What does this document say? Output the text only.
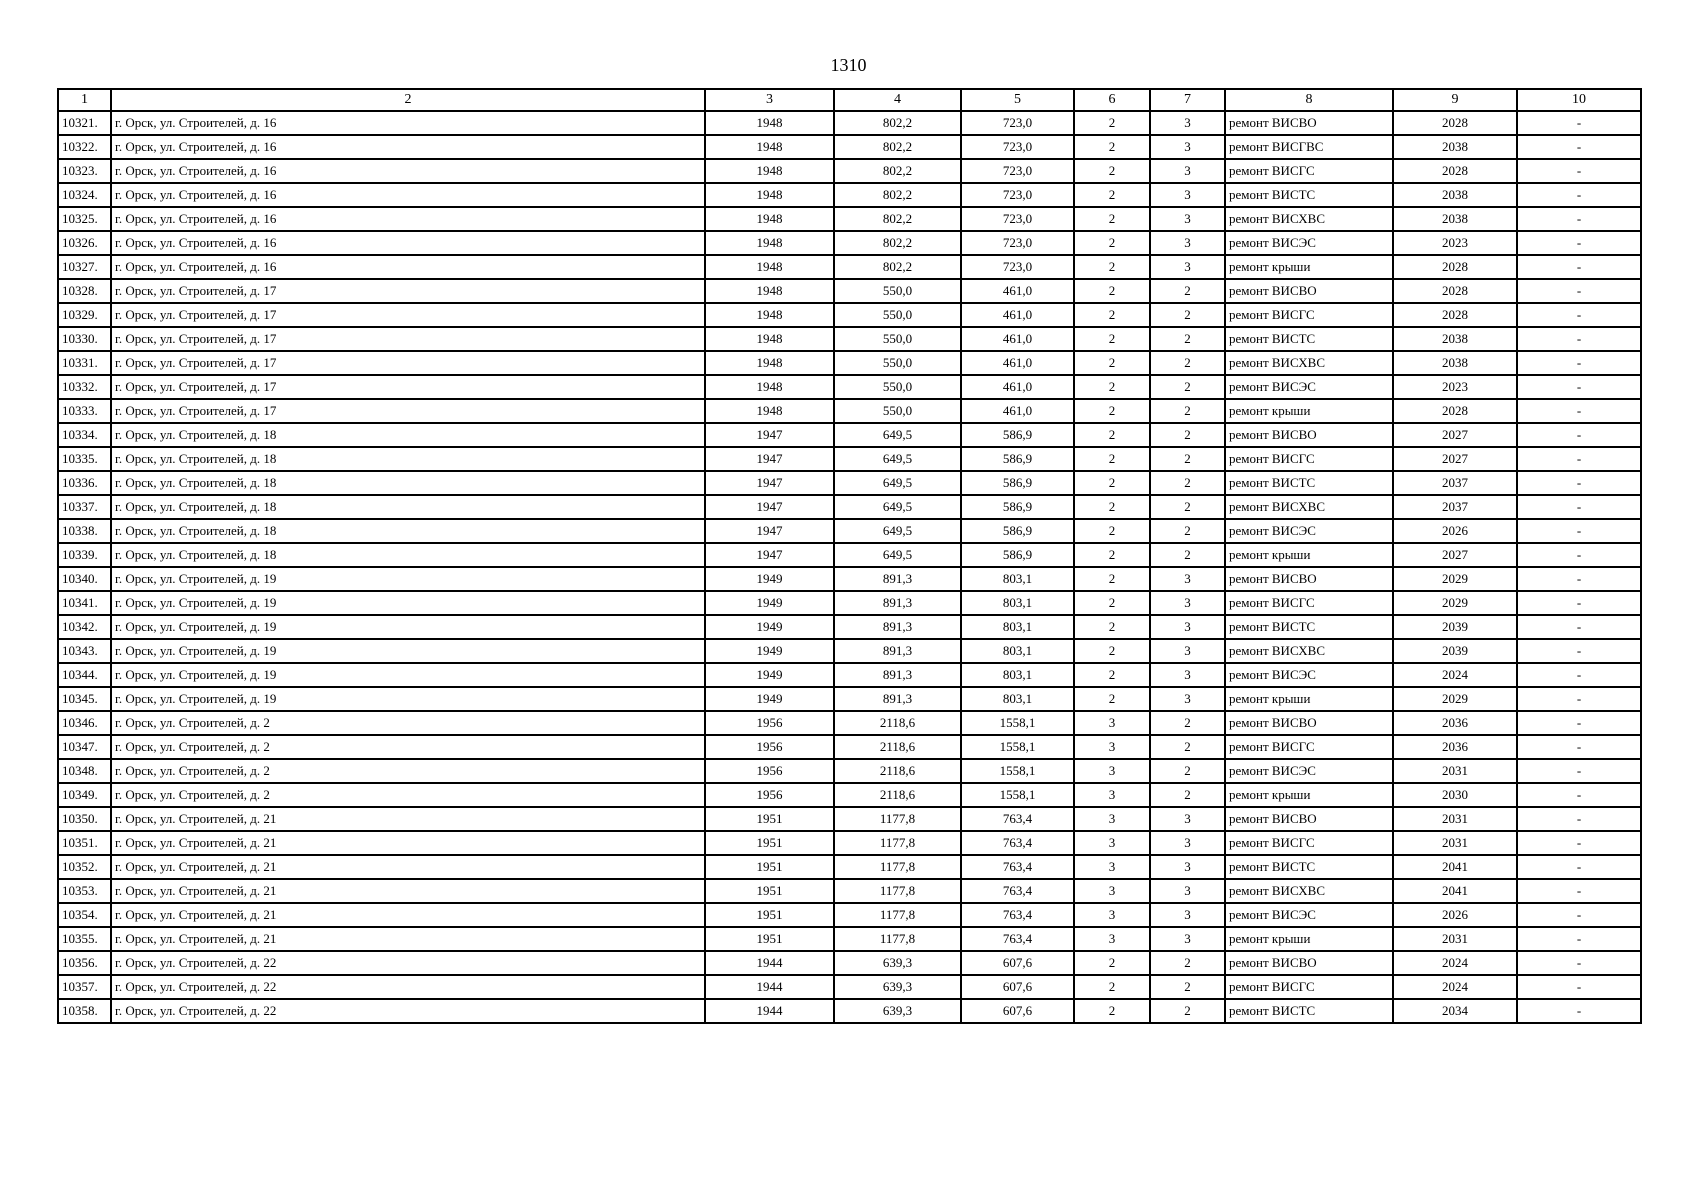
1310
1	2	3	4	5	6	7	8	9	10
10321.	г. Орск, ул. Строителей, д. 16	1948	802,2	723,0	2	3	ремонт ВИСВО	2028	-
10322.	г. Орск, ул. Строителей, д. 16	1948	802,2	723,0	2	3	ремонт ВИСГВС	2038	-
10323.	г. Орск, ул. Строителей, д. 16	1948	802,2	723,0	2	3	ремонт ВИСГС	2028	-
10324.	г. Орск, ул. Строителей, д. 16	1948	802,2	723,0	2	3	ремонт ВИСТС	2038	-
10325.	г. Орск, ул. Строителей, д. 16	1948	802,2	723,0	2	3	ремонт ВИСХВС	2038	-
10326.	г. Орск, ул. Строителей, д. 16	1948	802,2	723,0	2	3	ремонт ВИСЭС	2023	-
10327.	г. Орск, ул. Строителей, д. 16	1948	802,2	723,0	2	3	ремонт крыши	2028	-
10328.	г. Орск, ул. Строителей, д. 17	1948	550,0	461,0	2	2	ремонт ВИСВО	2028	-
10329.	г. Орск, ул. Строителей, д. 17	1948	550,0	461,0	2	2	ремонт ВИСГС	2028	-
10330.	г. Орск, ул. Строителей, д. 17	1948	550,0	461,0	2	2	ремонт ВИСТС	2038	-
10331.	г. Орск, ул. Строителей, д. 17	1948	550,0	461,0	2	2	ремонт ВИСХВС	2038	-
10332.	г. Орск, ул. Строителей, д. 17	1948	550,0	461,0	2	2	ремонт ВИСЭС	2023	-
10333.	г. Орск, ул. Строителей, д. 17	1948	550,0	461,0	2	2	ремонт крыши	2028	-
10334.	г. Орск, ул. Строителей, д. 18	1947	649,5	586,9	2	2	ремонт ВИСВО	2027	-
10335.	г. Орск, ул. Строителей, д. 18	1947	649,5	586,9	2	2	ремонт ВИСГС	2027	-
10336.	г. Орск, ул. Строителей, д. 18	1947	649,5	586,9	2	2	ремонт ВИСТС	2037	-
10337.	г. Орск, ул. Строителей, д. 18	1947	649,5	586,9	2	2	ремонт ВИСХВС	2037	-
10338.	г. Орск, ул. Строителей, д. 18	1947	649,5	586,9	2	2	ремонт ВИСЭС	2026	-
10339.	г. Орск, ул. Строителей, д. 18	1947	649,5	586,9	2	2	ремонт крыши	2027	-
10340.	г. Орск, ул. Строителей, д. 19	1949	891,3	803,1	2	3	ремонт ВИСВО	2029	-
10341.	г. Орск, ул. Строителей, д. 19	1949	891,3	803,1	2	3	ремонт ВИСГС	2029	-
10342.	г. Орск, ул. Строителей, д. 19	1949	891,3	803,1	2	3	ремонт ВИСТС	2039	-
10343.	г. Орск, ул. Строителей, д. 19	1949	891,3	803,1	2	3	ремонт ВИСХВС	2039	-
10344.	г. Орск, ул. Строителей, д. 19	1949	891,3	803,1	2	3	ремонт ВИСЭС	2024	-
10345.	г. Орск, ул. Строителей, д. 19	1949	891,3	803,1	2	3	ремонт крыши	2029	-
10346.	г. Орск, ул. Строителей, д. 2	1956	2118,6	1558,1	3	2	ремонт ВИСВО	2036	-
10347.	г. Орск, ул. Строителей, д. 2	1956	2118,6	1558,1	3	2	ремонт ВИСГС	2036	-
10348.	г. Орск, ул. Строителей, д. 2	1956	2118,6	1558,1	3	2	ремонт ВИСЭС	2031	-
10349.	г. Орск, ул. Строителей, д. 2	1956	2118,6	1558,1	3	2	ремонт крыши	2030	-
10350.	г. Орск, ул. Строителей, д. 21	1951	1177,8	763,4	3	3	ремонт ВИСВО	2031	-
10351.	г. Орск, ул. Строителей, д. 21	1951	1177,8	763,4	3	3	ремонт ВИСГС	2031	-
10352.	г. Орск, ул. Строителей, д. 21	1951	1177,8	763,4	3	3	ремонт ВИСТС	2041	-
10353.	г. Орск, ул. Строителей, д. 21	1951	1177,8	763,4	3	3	ремонт ВИСХВС	2041	-
10354.	г. Орск, ул. Строителей, д. 21	1951	1177,8	763,4	3	3	ремонт ВИСЭС	2026	-
10355.	г. Орск, ул. Строителей, д. 21	1951	1177,8	763,4	3	3	ремонт крыши	2031	-
10356.	г. Орск, ул. Строителей, д. 22	1944	639,3	607,6	2	2	ремонт ВИСВО	2024	-
10357.	г. Орск, ул. Строителей, д. 22	1944	639,3	607,6	2	2	ремонт ВИСГС	2024	-
10358.	г. Орск, ул. Строителей, д. 22	1944	639,3	607,6	2	2	ремонт ВИСТС	2034	-
